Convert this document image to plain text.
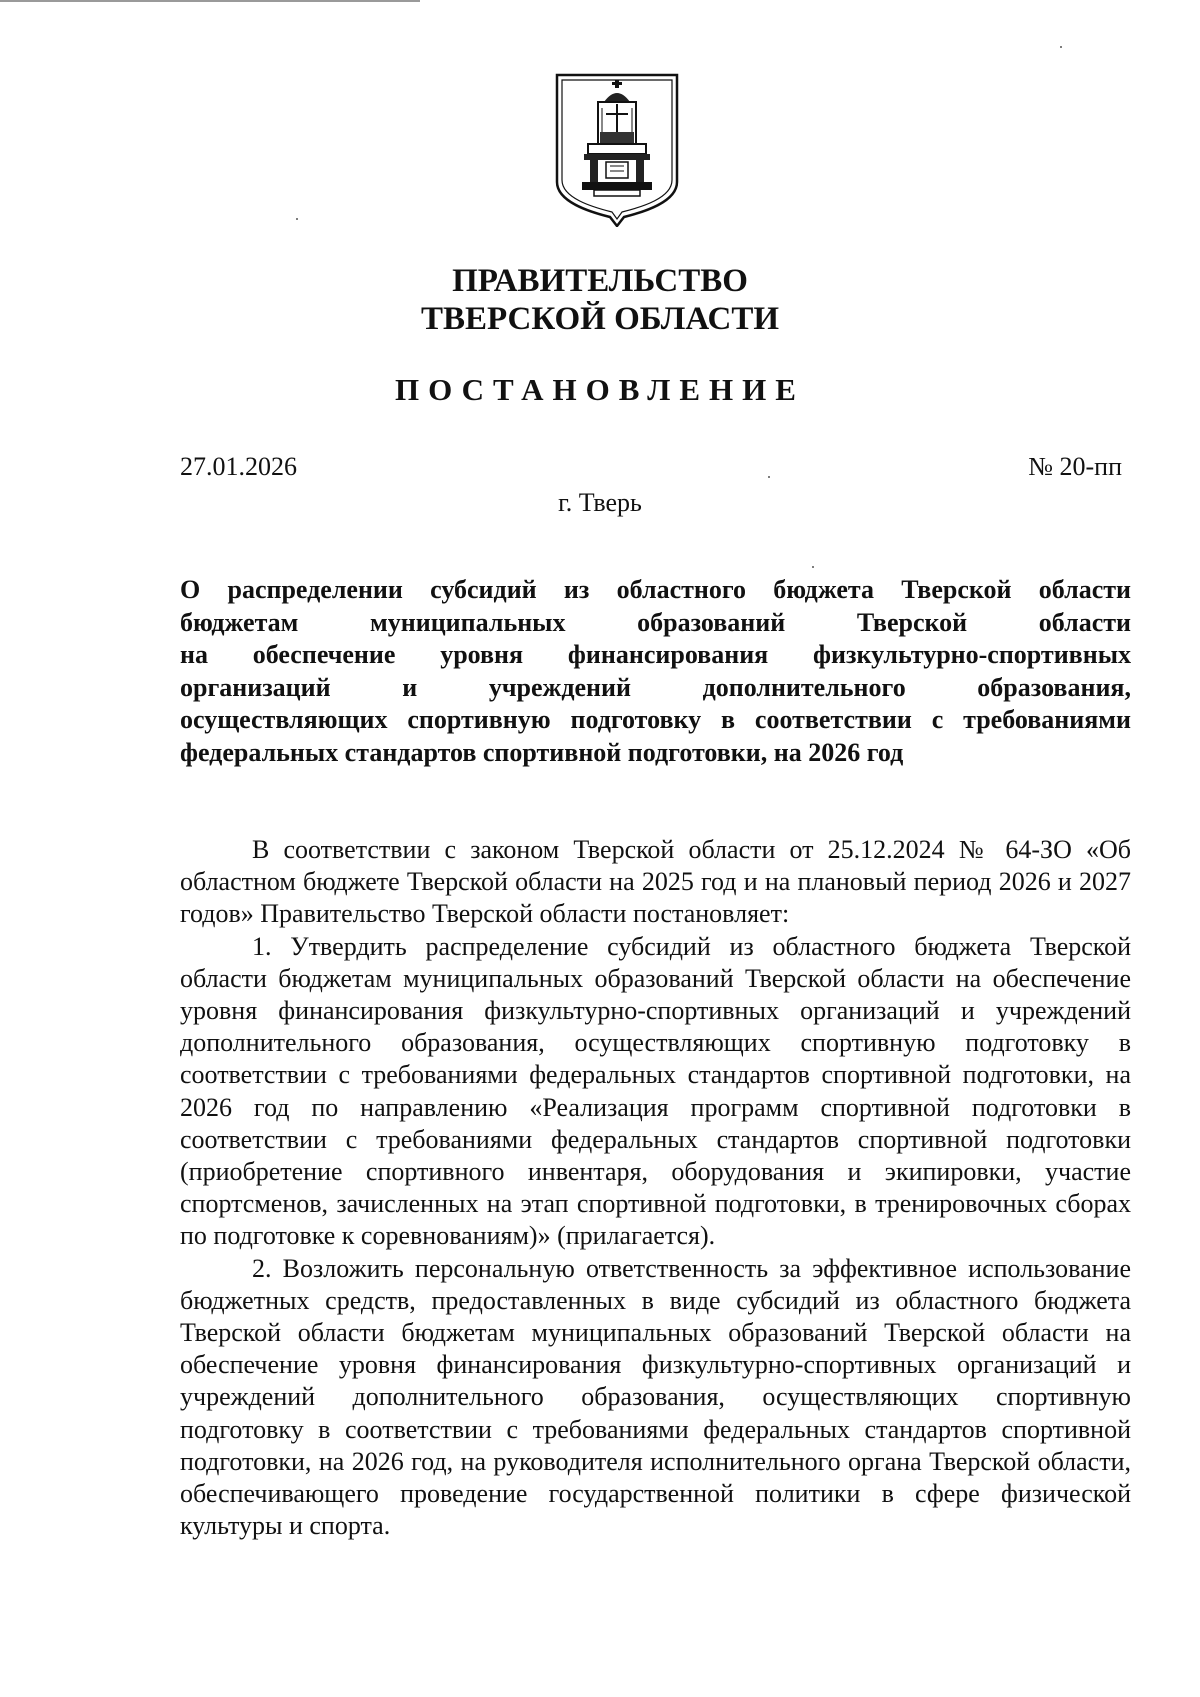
ПРАВИТЕЛЬСТВО
ТВЕРСКОЙ ОБЛАСТИ
ПОСТАНОВЛЕНИЕ
27.01.2026	№ 20-пп
г. Тверь
О распределении субсидий из областного бюджета Тверской области
бюджетам муниципальных образований Тверской области
на обеспечение уровня финансирования физкультурно-спортивных
организаций и учреждений дополнительного образования,
осуществляющих спортивную подготовку в соответствии с требованиями
федеральных стандартов спортивной подготовки, на 2026 год

В соответствии с законом Тверской области от 25.12.2024 № 64-ЗО «Об областном бюджете Тверской области на 2025 год и на плановый период 2026 и 2027 годов» Правительство Тверской области постановляет:

1. Утвердить распределение субсидий из областного бюджета Тверской области бюджетам муниципальных образований Тверской области на обеспечение уровня финансирования физкультурно-спортивных организаций и учреждений дополнительного образования, осуществляющих спортивную подготовку в соответствии с требованиями федеральных стандартов спортивной подготовки, на 2026 год по направлению «Реализация программ спортивной подготовки в соответствии с требованиями федеральных стандартов спортивной подготовки (приобретение спортивного инвентаря, оборудования и экипировки, участие спортсменов, зачисленных на этап спортивной подготовки, в тренировочных сборах по подготовке к соревнованиям)» (прилагается).

2. Возложить персональную ответственность за эффективное использование бюджетных средств, предоставленных в виде субсидий из областного бюджета Тверской области бюджетам муниципальных образований Тверской области на обеспечение уровня финансирования физкультурно-спортивных организаций и учреждений дополнительного образования, осуществляющих спортивную подготовку в соответствии с требованиями федеральных стандартов спортивной подготовки, на 2026 год, на руководителя исполнительного органа Тверской области, обеспечивающего проведение государственной политики в сфере физической культуры и спорта.
